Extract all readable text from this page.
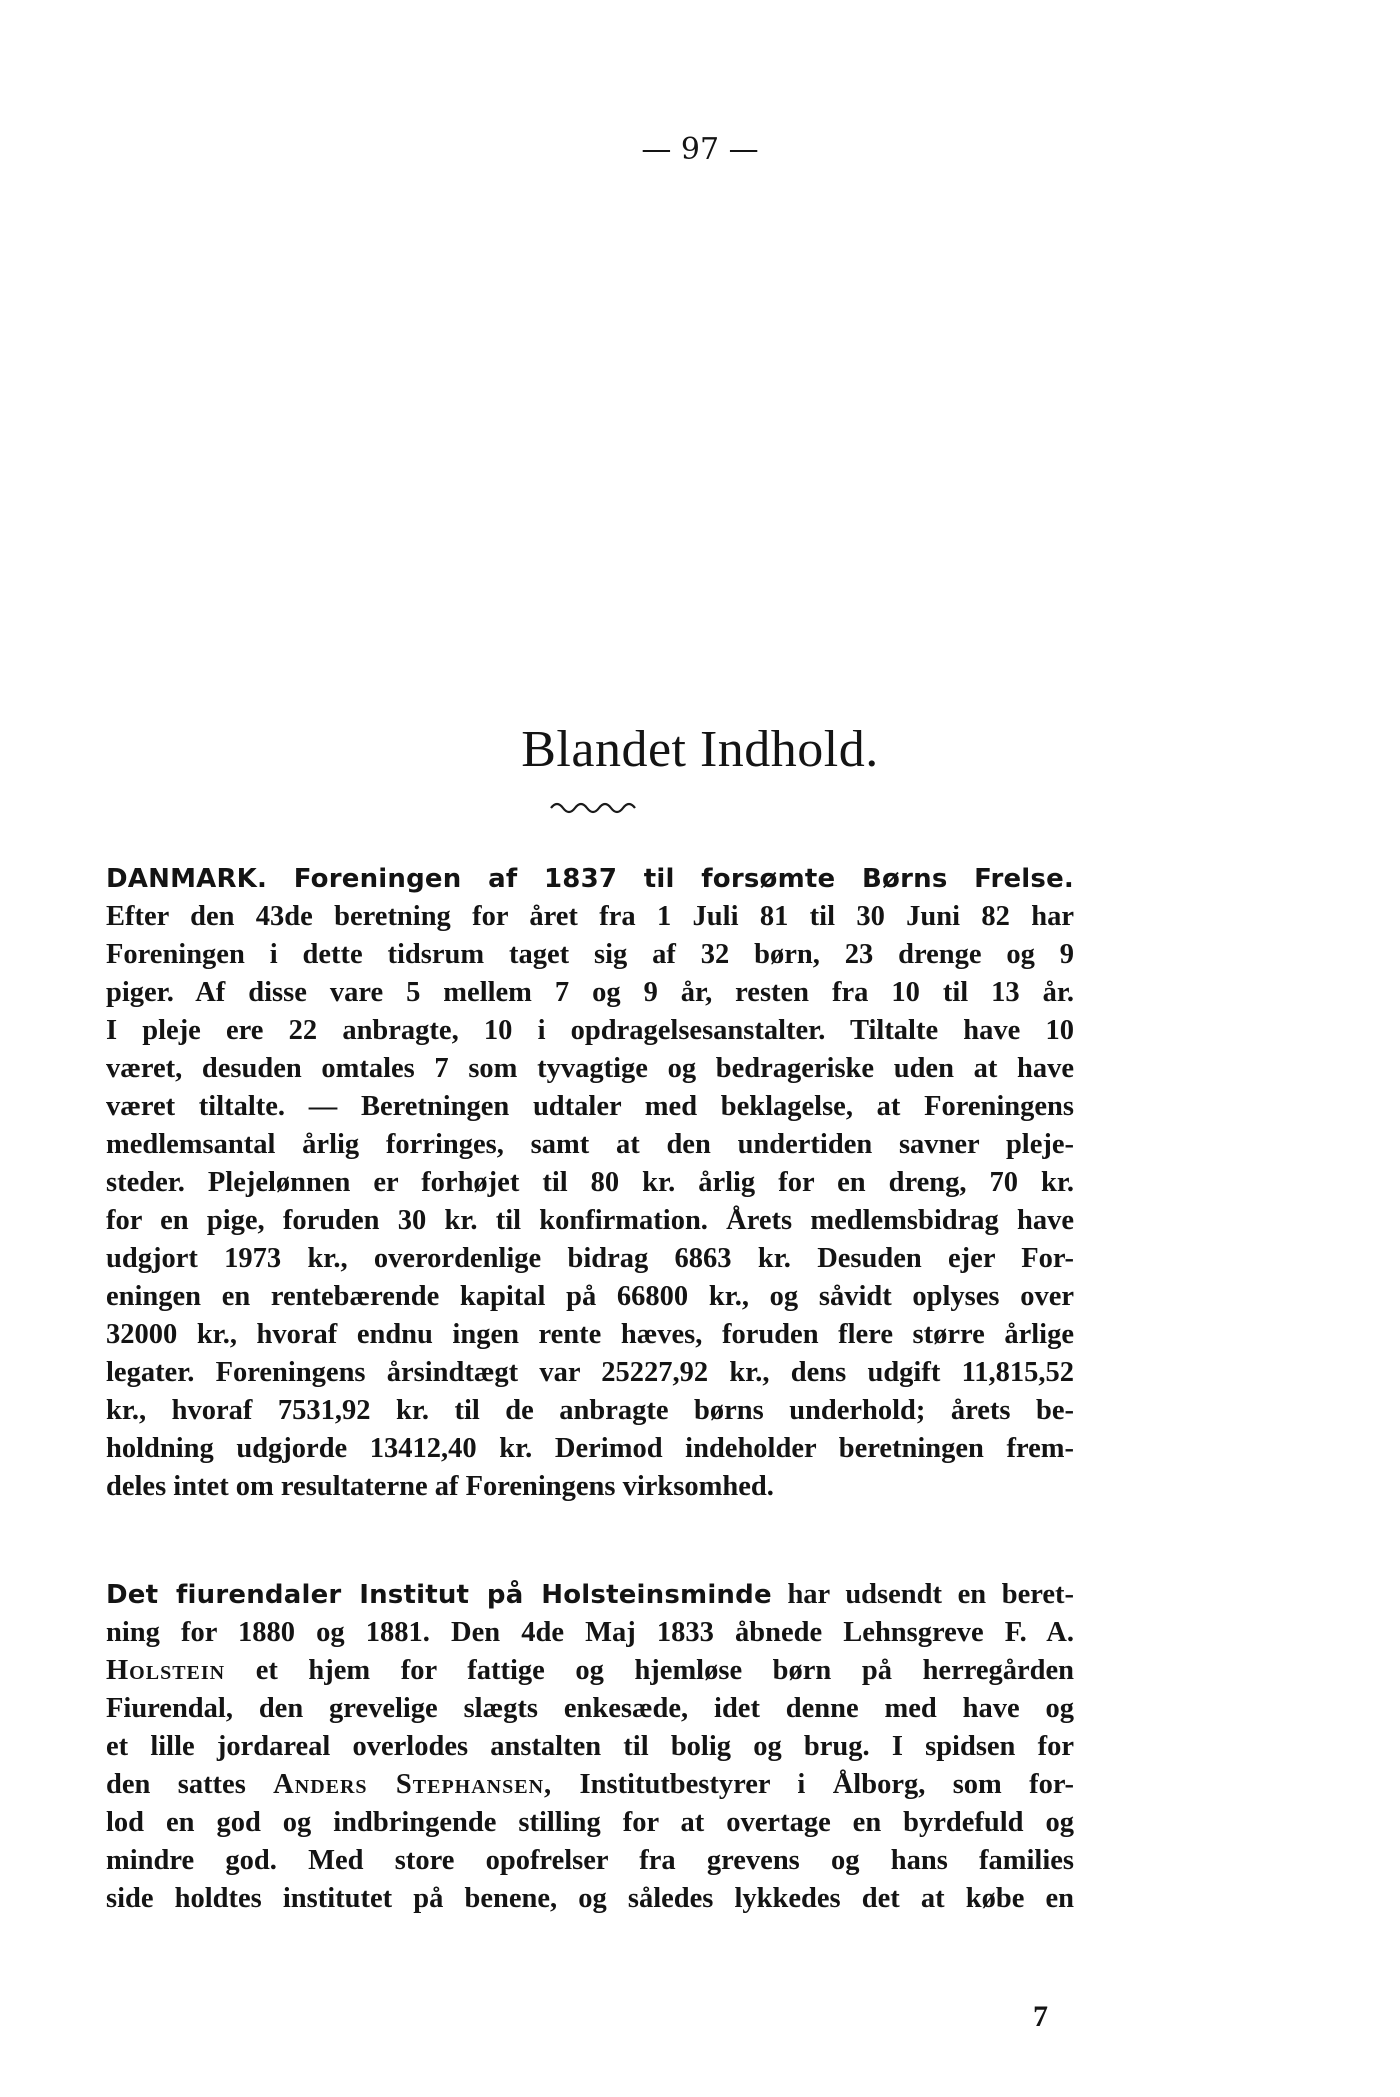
— 97 —
Blandet Indhold.
DANMARK. Foreningen af 1837 til forsømte Børns Frelse.
Efter den 43de beretning for året fra 1 Juli 81 til 30 Juni 82 har
Foreningen i dette tidsrum taget sig af 32 børn, 23 drenge og 9
piger. Af disse vare 5 mellem 7 og 9 år, resten fra 10 til 13 år.
I pleje ere 22 anbragte, 10 i opdragelsesanstalter. Tiltalte have 10
været, desuden omtales 7 som tyvagtige og bedrageriske uden at have
været tiltalte. — Beretningen udtaler med beklagelse, at Foreningens
medlemsantal årlig forringes, samt at den undertiden savner pleje-
steder. Plejelønnen er forhøjet til 80 kr. årlig for en dreng, 70 kr.
for en pige, foruden 30 kr. til konfirmation. Årets medlemsbidrag have
udgjort 1973 kr., overordenlige bidrag 6863 kr. Desuden ejer For-
eningen en rentebærende kapital på 66800 kr., og såvidt oplyses over
32000 kr., hvoraf endnu ingen rente hæves, foruden flere større årlige
legater. Foreningens årsindtægt var 25227,92 kr., dens udgift 11,815,52
kr., hvoraf 7531,92 kr. til de anbragte børns underhold; årets be-
holdning udgjorde 13412,40 kr. Derimod indeholder beretningen frem-
deles intet om resultaterne af Foreningens virksomhed.
Det fiurendaler Institut på Holsteinsminde har udsendt en beret-
ning for 1880 og 1881. Den 4de Maj 1833 åbnede Lehnsgreve F. A.
Holstein et hjem for fattige og hjemløse børn på herregården
Fiurendal, den grevelige slægts enkesæde, idet denne med have og
et lille jordareal overlodes anstalten til bolig og brug. I spidsen for
den sattes Anders Stephansen, Institutbestyrer i Ålborg, som for-
lod en god og indbringende stilling for at overtage en byrdefuld og
mindre god. Med store opofrelser fra grevens og hans families
side holdtes institutet på benene, og således lykkedes det at købe en
7
